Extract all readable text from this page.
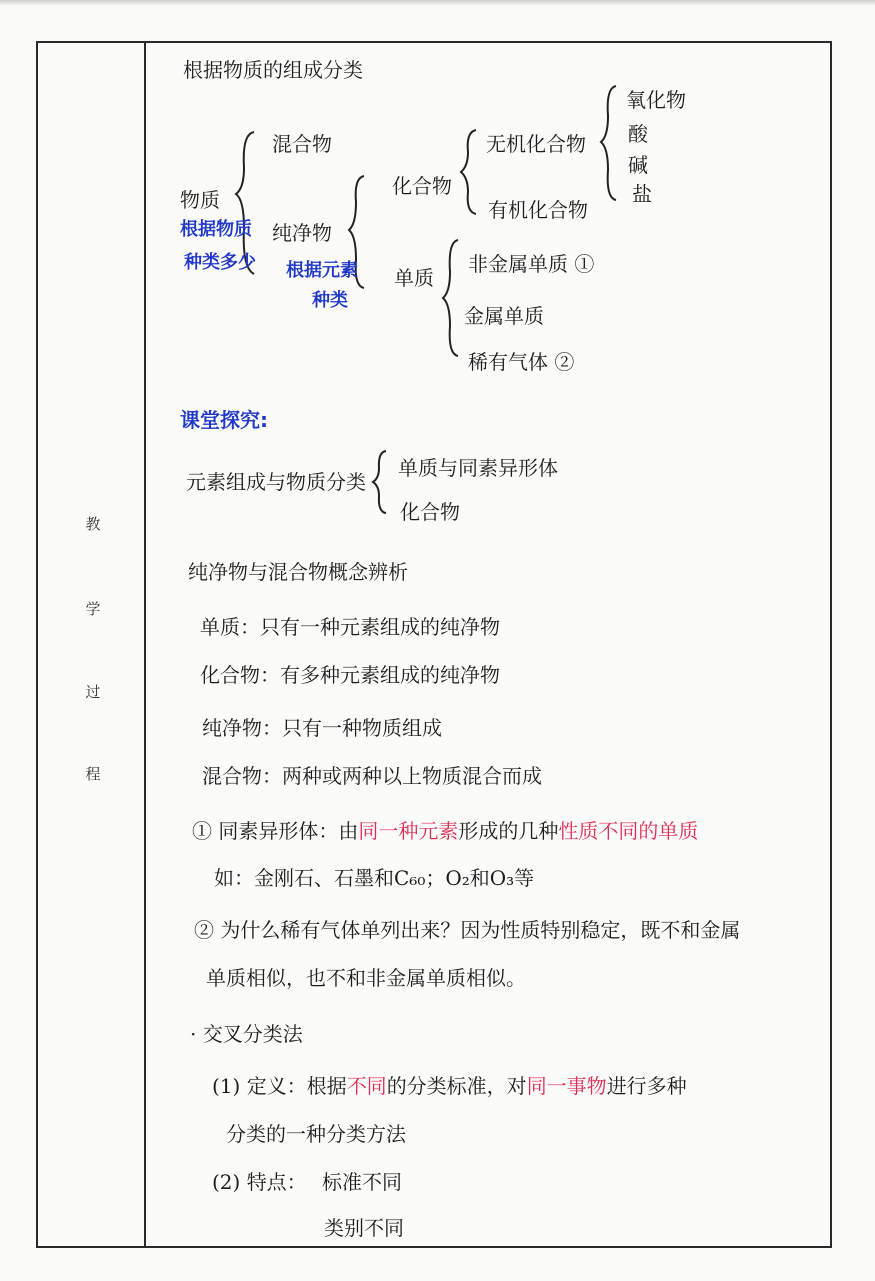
教
学
过
程
根据物质的组成分类
混合物
物质
根据物质
种类多少
纯净物
根据元素
种类
化合物
无机化合物
有机化合物
氧化物
酸
碱
盐
单质
非金属单质 ①
金属单质
稀有气体 ②
课堂探究:
元素组成与物质分类
单质与同素异形体
化合物
纯净物与混合物概念辨析
单质：只有一种元素组成的纯净物
化合物：有多种元素组成的纯净物
纯净物：只有一种物质组成
混合物：两种或两种以上物质混合而成
① 同素异形体：由同一种元素形成的几种性质不同的单质
如：金刚石、石墨和C₆₀；O₂和O₃等
② 为什么稀有气体单列出来？因为性质特别稳定，既不和金属
单质相似，也不和非金属单质相似。
· 交叉分类法
(1) 定义：根据不同的分类标准，对同一事物进行多种
分类的一种分类方法
(2) 特点： 标准不同
类别不同
